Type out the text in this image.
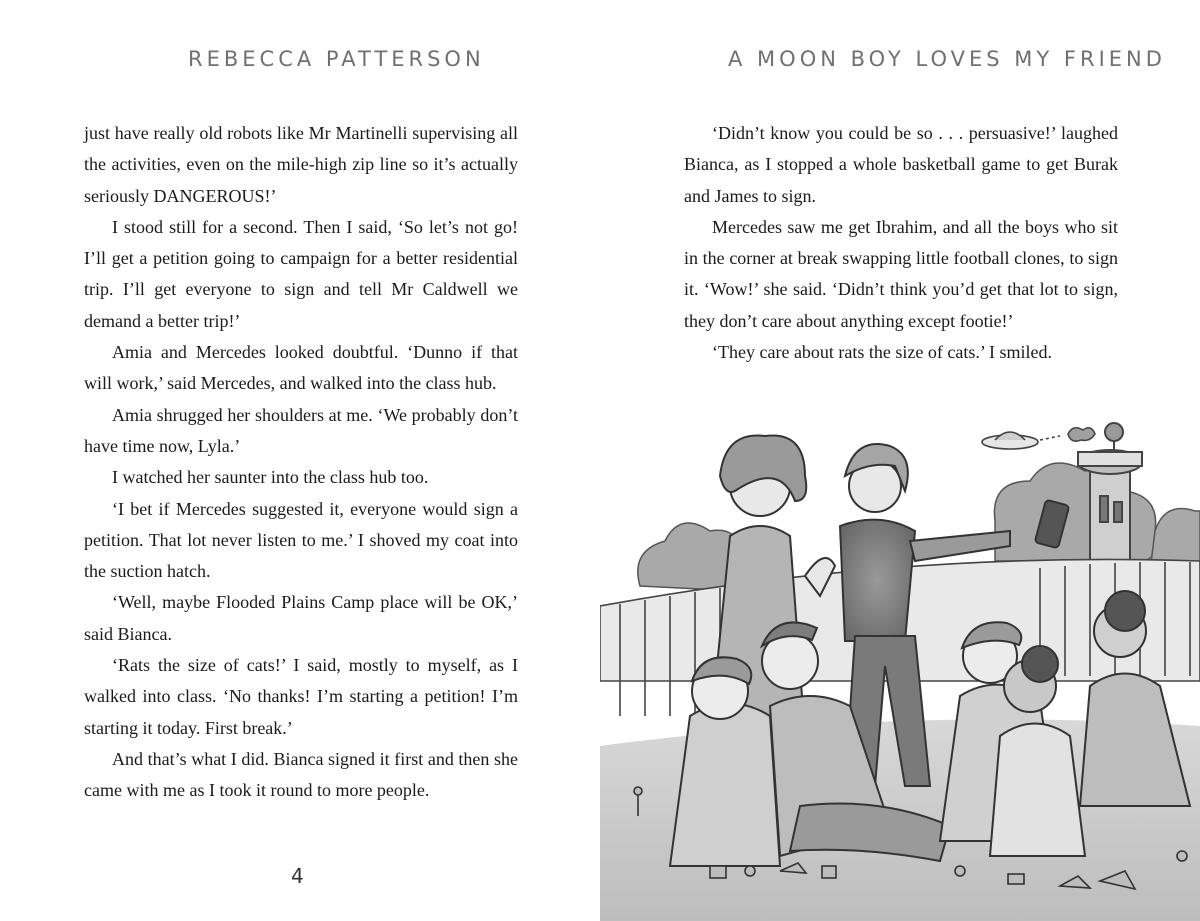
REBECCA PATTERSON

just have really old robots like Mr Martinelli supervising all the activities, even on the mile-high zip line so it’s actually seriously DANGEROUS!’

I stood still for a second. Then I said, ‘So let’s not go! I’ll get a petition going to campaign for a better residential trip. I’ll get everyone to sign and tell Mr Caldwell we demand a better trip!’

Amia and Mercedes looked doubtful. ‘Dunno if that will work,’ said Mercedes, and walked into the class hub.

Amia shrugged her shoulders at me. ‘We probably don’t have time now, Lyla.’

I watched her saunter into the class hub too.

‘I bet if Mercedes suggested it, everyone would sign a petition. That lot never listen to me.’ I shoved my coat into the suction hatch.

‘Well, maybe Flooded Plains Camp place will be OK,’ said Bianca.

‘Rats the size of cats!’ I said, mostly to myself, as I walked into class. ‘No thanks! I’m starting a petition! I’m starting it today. First break.’

And that’s what I did. Bianca signed it first and then she came with me as I took it round to more people.

4
A MOON BOY LOVES MY FRIEND

‘Didn’t know you could be so . . . persuasive!’ laughed Bianca, as I stopped a whole basketball game to get Burak and James to sign.

Mercedes saw me get Ibrahim, and all the boys who sit in the corner at break swapping little football clones, to sign it. ‘Wow!’ she said. ‘Didn’t think you’d get that lot to sign, they don’t care about anything except footie!’

‘They care about rats the size of cats.’ I smiled.
